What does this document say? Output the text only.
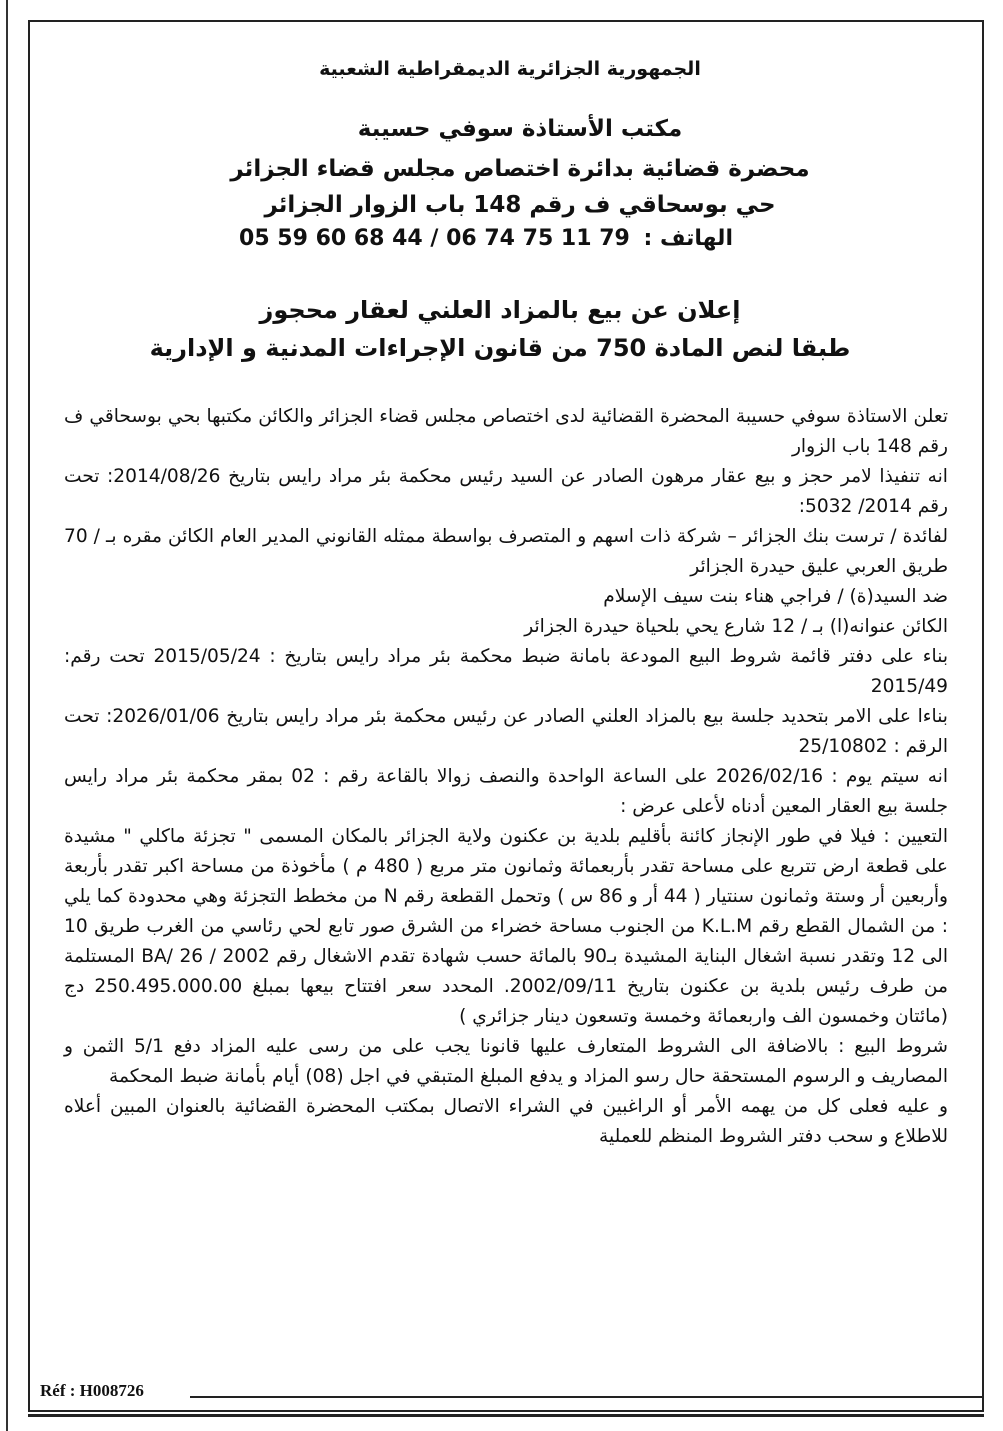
الجمهورية الجزائرية الديمقراطية الشعبية
مكتب الأستاذة سوفي حسيبة
محضرة قضائية بدائرة اختصاص مجلس قضاء الجزائر
حي بوسحاقي ف رقم 148 باب الزوار الجزائر
الهاتف : 05 59 60 68 44 / 06 74 75 11 79
إعلان عن بيع بالمزاد العلني لعقار محجوز
طبقا لنص المادة 750 من قانون الإجراءات المدنية و الإدارية

تعلن الاستاذة سوفي حسيبة المحضرة القضائية لدى اختصاص مجلس قضاء الجزائر والكائن مكتبها بحي بوسحاقي ف رقم 148 باب الزوار

انه تنفيذا لامر حجز و بيع عقار مرهون الصادر عن السيد رئيس محكمة بئر مراد رايس بتاريخ 2014/08/26: تحت رقم 2014/ 5032:

لفائدة / ترست بنك الجزائر – شركة ذات اسهم و المتصرف بواسطة ممثله القانوني المدير العام الكائن مقره بـ / 70 طريق العربي عليق حيدرة الجزائر

ضد السيد(ة) / فراجي هناء بنت سيف الإسلام

الكائن عنوانه(ا) بـ / 12 شارع يحي بلحياة حيدرة الجزائر

بناء على دفتر قائمة شروط البيع المودعة بامانة ضبط محكمة بئر مراد رايس بتاريخ : 2015/05/24 تحت رقم: 2015/49

بناءا على الامر بتحديد جلسة بيع بالمزاد العلني الصادر عن رئيس محكمة بئر مراد رايس بتاريخ 2026/01/06: تحت الرقم : 25/10802

انه سيتم يوم : 2026/02/16 على الساعة الواحدة والنصف زوالا بالقاعة رقم : 02 بمقر محكمة بئر مراد رايس جلسة بيع العقار المعين أدناه لأعلى عرض :

التعيين : فيلا في طور الإنجاز كائنة بأقليم بلدية بن عكنون ولاية الجزائر بالمكان المسمى " تجزئة ماكلي " مشيدة على قطعة ارض تتربع على مساحة تقدر بأربعمائة وثمانون متر مربع ( 480 م ) مأخوذة من مساحة اكبر تقدر بأربعة وأربعين أر وستة وثمانون سنتيار ( 44 أر و 86 س ) وتحمل القطعة رقم N من مخطط التجزئة وهي محدودة كما يلي : من الشمال القطع رقم K.L.M من الجنوب مساحة خضراء من الشرق صور تابع لحي رئاسي من الغرب طريق 10 الى 12 وتقدر نسبة اشغال البناية المشيدة بـ90 بالمائة حسب شهادة تقدم الاشغال رقم 2002 / BA/ 26 المستلمة من طرف رئيس بلدية بن عكنون بتاريخ 2002/09/11. المحدد سعر افتتاح بيعها بمبلغ 250.495.000.00 دج (مائتان وخمسون الف واربعمائة وخمسة وتسعون دينار جزائري )

شروط البيع : بالاضافة الى الشروط المتعارف عليها قانونا يجب على من رسى عليه المزاد دفع 5/1 الثمن و المصاريف و الرسوم المستحقة حال رسو المزاد و يدفع المبلغ المتبقي في اجل (08) أيام بأمانة ضبط المحكمة

و عليه فعلى كل من يهمه الأمر أو الراغبين في الشراء الاتصال بمكتب المحضرة القضائية بالعنوان المبين أعلاه للاطلاع و سحب دفتر الشروط المنظم للعملية

Réf : H008726
